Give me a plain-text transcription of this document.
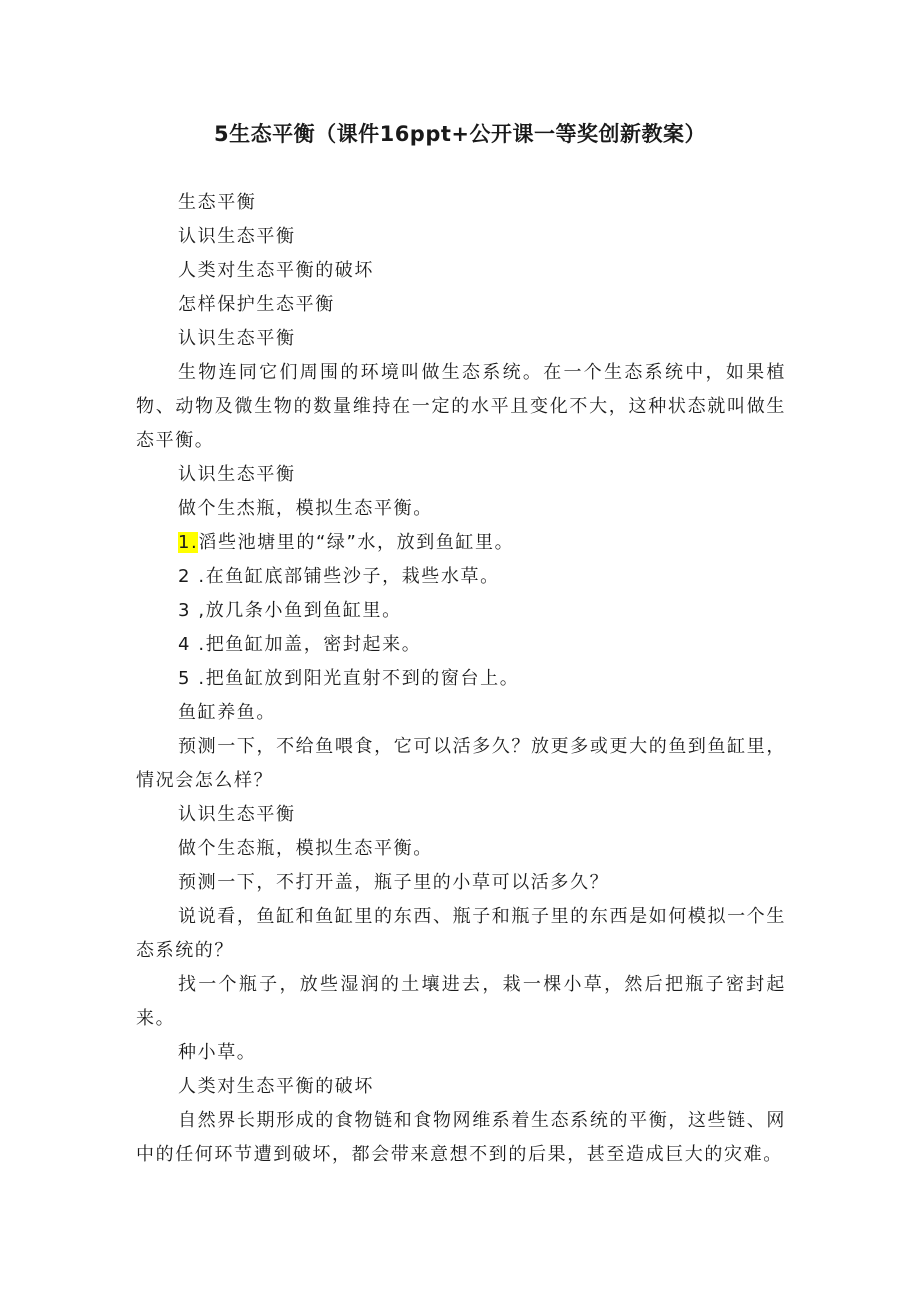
5生态平衡（课件16ppt+公开课一等奖创新教案）

生态平衡

认识生态平衡

人类对生态平衡的破坏

怎样保护生态平衡

认识生态平衡

生物连同它们周围的环境叫做生态系统。在一个生态系统中，如果植物、动物及微生物的数量维持在一定的水平且变化不大，这种状态就叫做生态平衡。

认识生态平衡

做个生杰瓶，模拟生态平衡。

1.滔些池塘里的“绿”水，放到鱼缸里。

2 .在鱼缸底部铺些沙子，栽些水草。

3 ,放几条小鱼到鱼缸里。

4 .把鱼缸加盖，密封起来。

5 .把鱼缸放到阳光直射不到的窗台上。

鱼缸养鱼。

预测一下，不给鱼喂食，它可以活多久？放更多或更大的鱼到鱼缸里，情况会怎么样？

认识生态平衡

做个生态瓶，模拟生态平衡。

预测一下，不打开盖，瓶子里的小草可以活多久？

说说看，鱼缸和鱼缸里的东西、瓶子和瓶子里的东西是如何模拟一个生态系统的？

找一个瓶子，放些湿润的土壤进去，栽一棵小草，然后把瓶子密封起来。

种小草。

人类对生态平衡的破坏

自然界长期形成的食物链和食物网维系着生态系统的平衡，这些链、网中的任何环节遭到破坏，都会带来意想不到的后果，甚至造成巨大的灾难。
